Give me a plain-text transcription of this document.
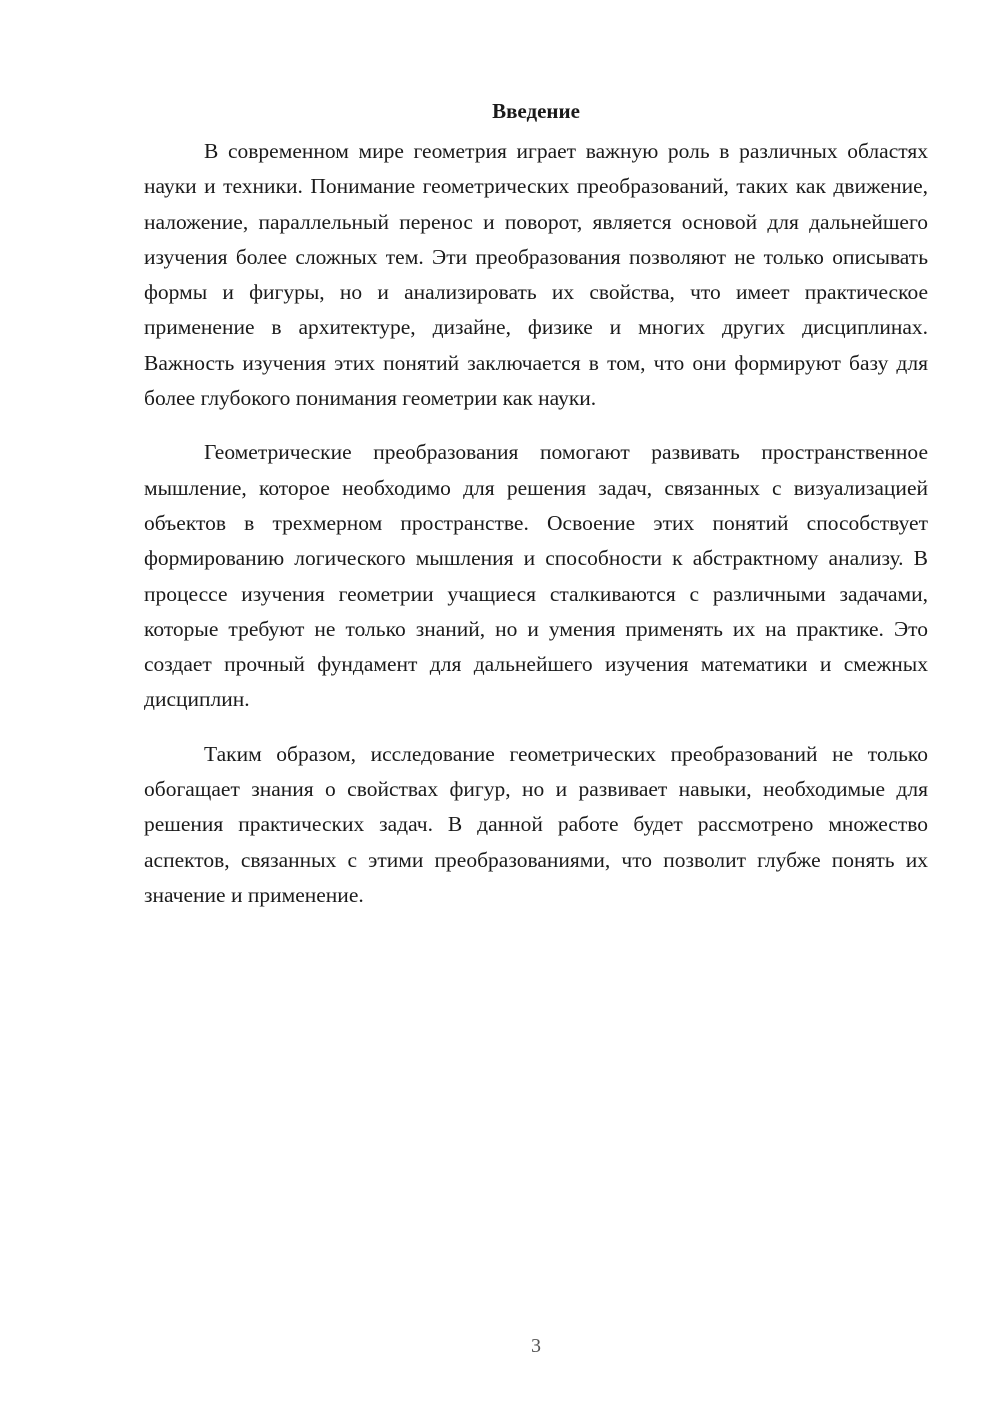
Введение

В современном мире геометрия играет важную роль в различных областях науки и техники. Понимание геометрических преобразований, таких как движение, наложение, параллельный перенос и поворот, является основой для дальнейшего изучения более сложных тем. Эти преобразования позволяют не только описывать формы и фигуры, но и анализировать их свойства, что имеет практическое применение в архитектуре, дизайне, физике и многих других дисциплинах. Важность изучения этих понятий заключается в том, что они формируют базу для более глубокого понимания геометрии как науки.

Геометрические преобразования помогают развивать пространственное мышление, которое необходимо для решения задач, связанных с визуализацией объектов в трехмерном пространстве. Освоение этих понятий способствует формированию логического мышления и способности к абстрактному анализу. В процессе изучения геометрии учащиеся сталкиваются с различными задачами, которые требуют не только знаний, но и умения применять их на практике. Это создает прочный фундамент для дальнейшего изучения математики и смежных дисциплин.

Таким образом, исследование геометрических преобразований не только обогащает знания о свойствах фигур, но и развивает навыки, необходимые для решения практических задач. В данной работе будет рассмотрено множество аспектов, связанных с этими преобразованиями, что позволит глубже понять их значение и применение.

3
